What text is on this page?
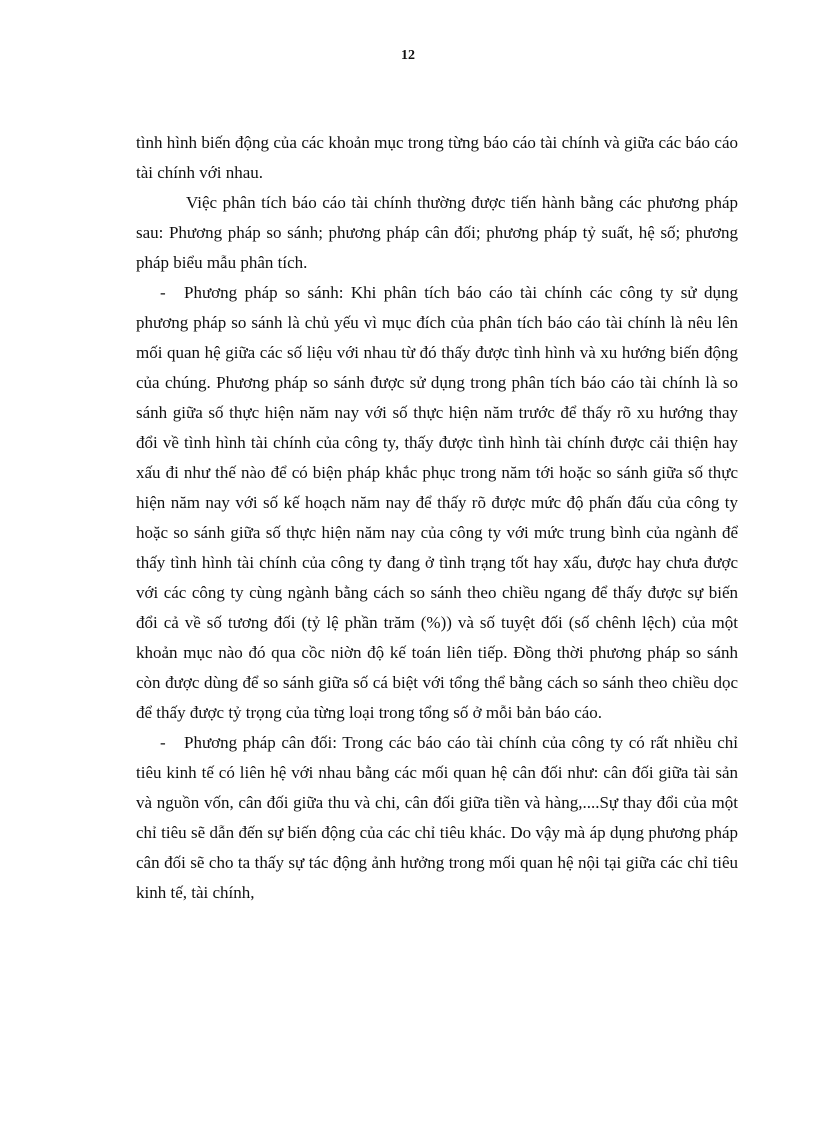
12

tình hình biến động của các khoản mục trong từng báo cáo tài chính và giữa các báo cáo tài chính với nhau.

Việc phân tích báo cáo tài chính thường được tiến hành bằng các phương pháp sau: Phương pháp so sánh; phương pháp cân đối; phương pháp tỷ suất, hệ số; phương pháp biểu mẫu phân tích.

- Phương pháp so sánh: Khi phân tích báo cáo tài chính các công ty sử dụng phương pháp so sánh là chủ yếu vì mục đích của phân tích báo cáo tài chính là nêu lên mối quan hệ giữa các số liệu với nhau từ đó thấy được tình hình và xu hướng biến động của chúng. Phương pháp so sánh được sử dụng trong phân tích báo cáo tài chính là so sánh giữa số thực hiện năm nay với số thực hiện năm trước để thấy rõ xu hướng thay đổi về tình hình tài chính của công ty, thấy được tình hình tài chính được cải thiện hay xấu đi như thế nào để có biện pháp khắc phục trong năm tới hoặc so sánh giữa số thực hiện năm nay với số kế hoạch năm nay để thấy rõ được mức độ phấn đấu của công ty hoặc so sánh giữa số thực hiện năm nay của công ty với mức trung bình của ngành để thấy tình hình tài chính của công ty đang ở tình trạng tốt hay xấu, được hay chưa được với các công ty cùng ngành bằng cách so sánh theo chiều ngang để thấy được sự biến đổi cả về số tương đối (tỷ lệ phần trăm (%)) và số tuyệt đối (số chênh lệch) của một khoản mục nào đó qua cồc niờn độ kế toán liên tiếp. Đồng thời phương pháp so sánh còn được dùng để so sánh giữa số cá biệt với tổng thể bằng cách so sánh theo chiều dọc để thấy được tỷ trọng của từng loại trong tổng số ở mỗi bản báo cáo.

- Phương pháp cân đối: Trong các báo cáo tài chính của công ty có rất nhiều chỉ tiêu kinh tế có liên hệ với nhau bằng các mối quan hệ cân đối như: cân đối giữa tài sản và nguồn vốn, cân đối giữa thu và chi, cân đối giữa tiền và hàng,....Sự thay đổi của một chỉ tiêu sẽ dẫn đến sự biến động của các chỉ tiêu khác. Do vậy mà áp dụng phương pháp cân đối sẽ cho ta thấy sự tác động ảnh hưởng trong mối quan hệ nội tại giữa các chỉ tiêu kinh tế, tài chính,
